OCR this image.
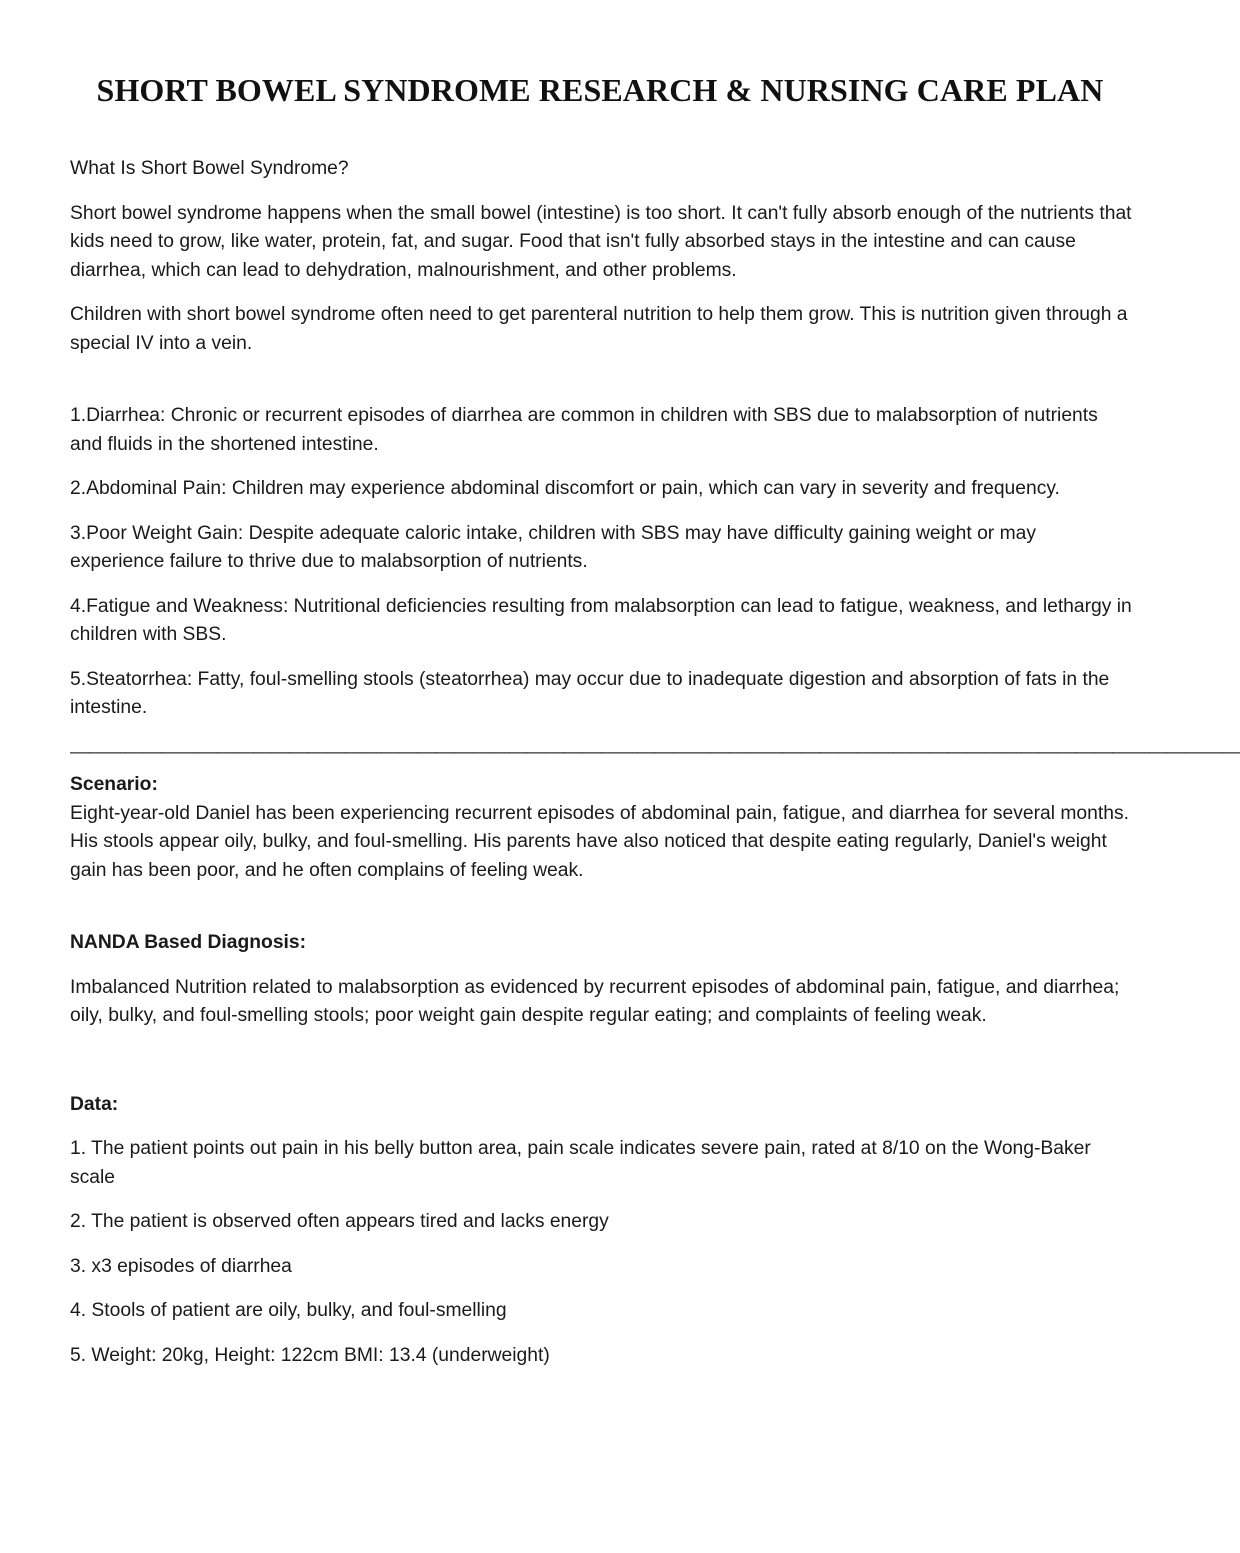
SHORT BOWEL SYNDROME RESEARCH & NURSING CARE PLAN

What Is Short Bowel Syndrome?

Short bowel syndrome happens when the small bowel (intestine) is too short. It can't fully absorb enough of the nutrients that kids need to grow, like water, protein, fat, and sugar. Food that isn't fully absorbed stays in the intestine and can cause diarrhea, which can lead to dehydration, malnourishment, and other problems.

Children with short bowel syndrome often need to get parenteral nutrition to help them grow. This is nutrition given through a special IV into a vein.

1.Diarrhea: Chronic or recurrent episodes of diarrhea are common in children with SBS due to malabsorption of nutrients and fluids in the shortened intestine.

2.Abdominal Pain: Children may experience abdominal discomfort or pain, which can vary in severity and frequency.

3.Poor Weight Gain: Despite adequate caloric intake, children with SBS may have difficulty gaining weight or may experience failure to thrive due to malabsorption of nutrients.

4.Fatigue and Weakness: Nutritional deficiencies resulting from malabsorption can lead to fatigue, weakness, and lethargy in children with SBS.

5.Steatorrhea: Fatty, foul-smelling stools (steatorrhea) may occur due to inadequate digestion and absorption of fats in the intestine.

————————————————————————————————————————————————————————————————

Scenario:

Eight-year-old Daniel has been experiencing recurrent episodes of abdominal pain, fatigue, and diarrhea for several months. His stools appear oily, bulky, and foul-smelling. His parents have also noticed that despite eating regularly, Daniel's weight gain has been poor, and he often complains of feeling weak.

NANDA Based Diagnosis:

Imbalanced Nutrition related to malabsorption as evidenced by recurrent episodes of abdominal pain, fatigue, and diarrhea; oily, bulky, and foul-smelling stools; poor weight gain despite regular eating; and complaints of feeling weak.

Data:

1. The patient points out pain in his belly button area, pain scale indicates severe pain, rated at 8/10 on the Wong-Baker scale

2. The patient is observed often appears tired and lacks energy

3. x3 episodes of diarrhea

4. Stools of patient are oily, bulky, and foul-smelling

5. Weight: 20kg, Height: 122cm BMI: 13.4 (underweight)
